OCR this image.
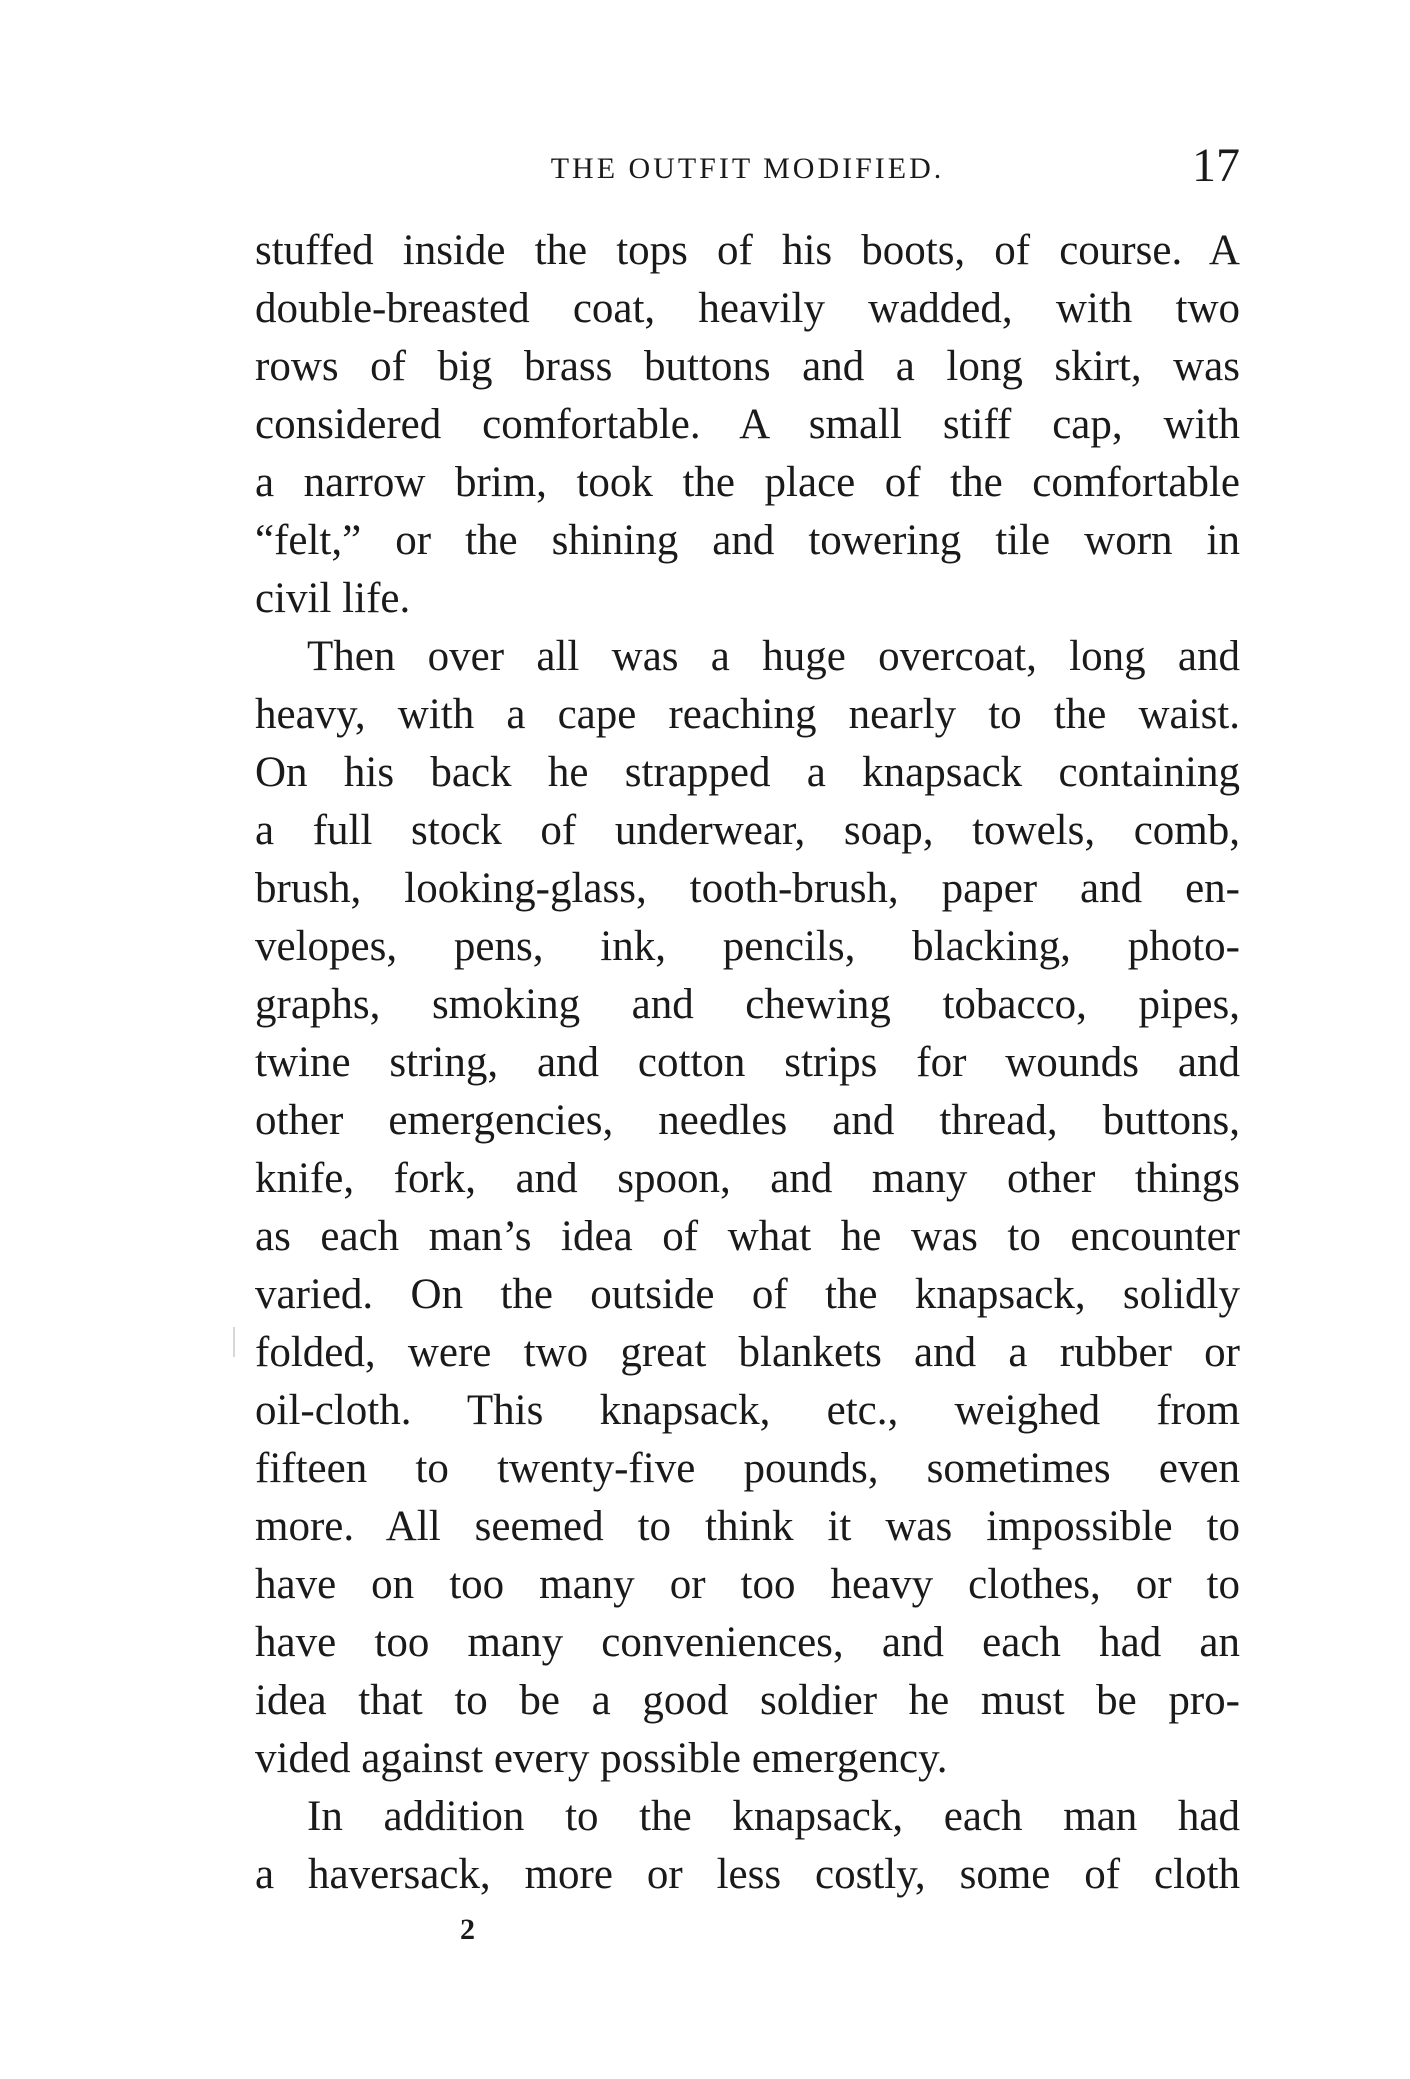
THE OUTFIT MODIFIED.	17
stuffed inside the tops of his boots, of course. A
double-breasted coat, heavily wadded, with two
rows of big brass buttons and a long skirt, was
considered comfortable. A small stiff cap, with
a narrow brim, took the place of the comfortable
“felt,” or the shining and towering tile worn in
civil life.
Then over all was a huge overcoat, long and
heavy, with a cape reaching nearly to the waist.
On his back he strapped a knapsack containing
a full stock of underwear, soap, towels, comb,
brush, looking-glass, tooth-brush, paper and en-
velopes, pens, ink, pencils, blacking, photo-
graphs, smoking and chewing tobacco, pipes,
twine string, and cotton strips for wounds and
other emergencies, needles and thread, buttons,
knife, fork, and spoon, and many other things
as each man’s idea of what he was to encounter
varied. On the outside of the knapsack, solidly
folded, were two great blankets and a rubber or
oil-cloth. This knapsack, etc., weighed from
fifteen to twenty-five pounds, sometimes even
more. All seemed to think it was impossible to
have on too many or too heavy clothes, or to
have too many conveniences, and each had an
idea that to be a good soldier he must be pro-
vided against every possible emergency.
In addition to the knapsack, each man had
a haversack, more or less costly, some of cloth
2
